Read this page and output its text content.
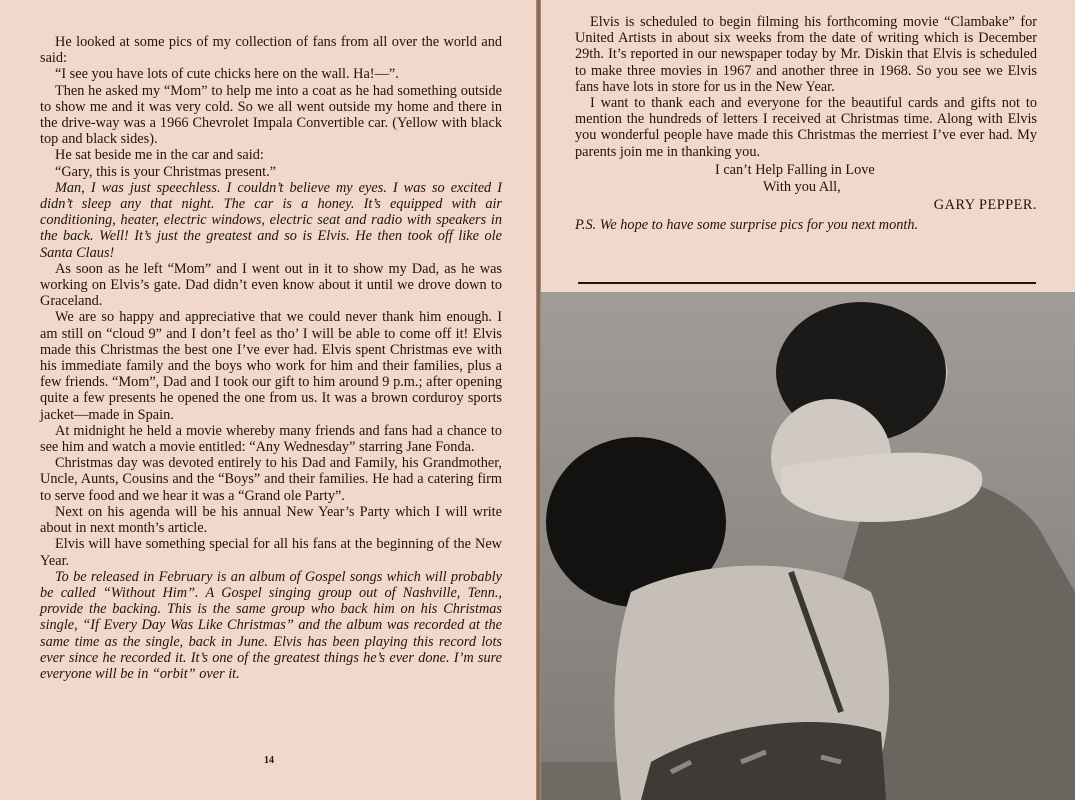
He looked at some pics of my collection of fans from all over the world and said:

“I see you have lots of cute chicks here on the wall. Ha!—”.

Then he asked my “Mom” to help me into a coat as he had something outside to show me and it was very cold. So we all went outside my home and there in the drive-way was a 1966 Chevrolet Impala Convertible car. (Yellow with black top and black sides).

He sat beside me in the car and said:

“Gary, this is your Christmas present.”

Man, I was just speechless. I couldn’t believe my eyes. I was so excited I didn’t sleep any that night. The car is a honey. It’s equipped with air conditioning, heater, electric windows, electric seat and radio with speakers in the back. Well! It’s just the greatest and so is Elvis. He then took off like ole Santa Claus!

As soon as he left “Mom” and I went out in it to show my Dad, as he was working on Elvis’s gate. Dad didn’t even know about it until we drove down to Graceland.

We are so happy and appreciative that we could never thank him enough. I am still on “cloud 9” and I don’t feel as tho’ I will be able to come off it! Elvis made this Christmas the best one I’ve ever had. Elvis spent Christmas eve with his immediate family and the boys who work for him and their families, plus a few friends. “Mom”, Dad and I took our gift to him around 9 p.m.; after opening quite a few presents he opened the one from us. It was a brown corduroy sports jacket—made in Spain.

At midnight he held a movie whereby many friends and fans had a chance to see him and watch a movie entitled: “Any Wednesday” starring Jane Fonda.

Christmas day was devoted entirely to his Dad and Family, his Grandmother, Uncle, Aunts, Cousins and the “Boys” and their families. He had a catering firm to serve food and we hear it was a “Grand ole Party”.

Next on his agenda will be his annual New Year’s Party which I will write about in next month’s article.

Elvis will have something special for all his fans at the beginning of the New Year.

To be released in February is an album of Gospel songs which will probably be called “Without Him”. A Gospel singing group out of Nashville, Tenn., provide the backing. This is the same group who back him on his Christmas single, “If Every Day Was Like Christmas” and the album was recorded at the same time as the single, back in June. Elvis has been playing this record lots ever since he recorded it. It’s one of the greatest things he’s ever done. I’m sure everyone will be in “orbit” over it.

14

Elvis is scheduled to begin filming his forthcoming movie “Clambake” for United Artists in about six weeks from the date of writing which is December 29th. It’s reported in our newspaper today by Mr. Diskin that Elvis is scheduled to make three movies in 1967 and another three in 1968. So you see we Elvis fans have lots in store for us in the New Year.

I want to thank each and everyone for the beautiful cards and gifts not to mention the hundreds of letters I received at Christmas time. Along with Elvis you wonderful people have made this Christmas the merriest I’ve ever had. My parents join me in thanking you.

I can’t Help Falling in Love
With you All,
GARY PEPPER.
P.S. We hope to have some surprise pics for you next month.
